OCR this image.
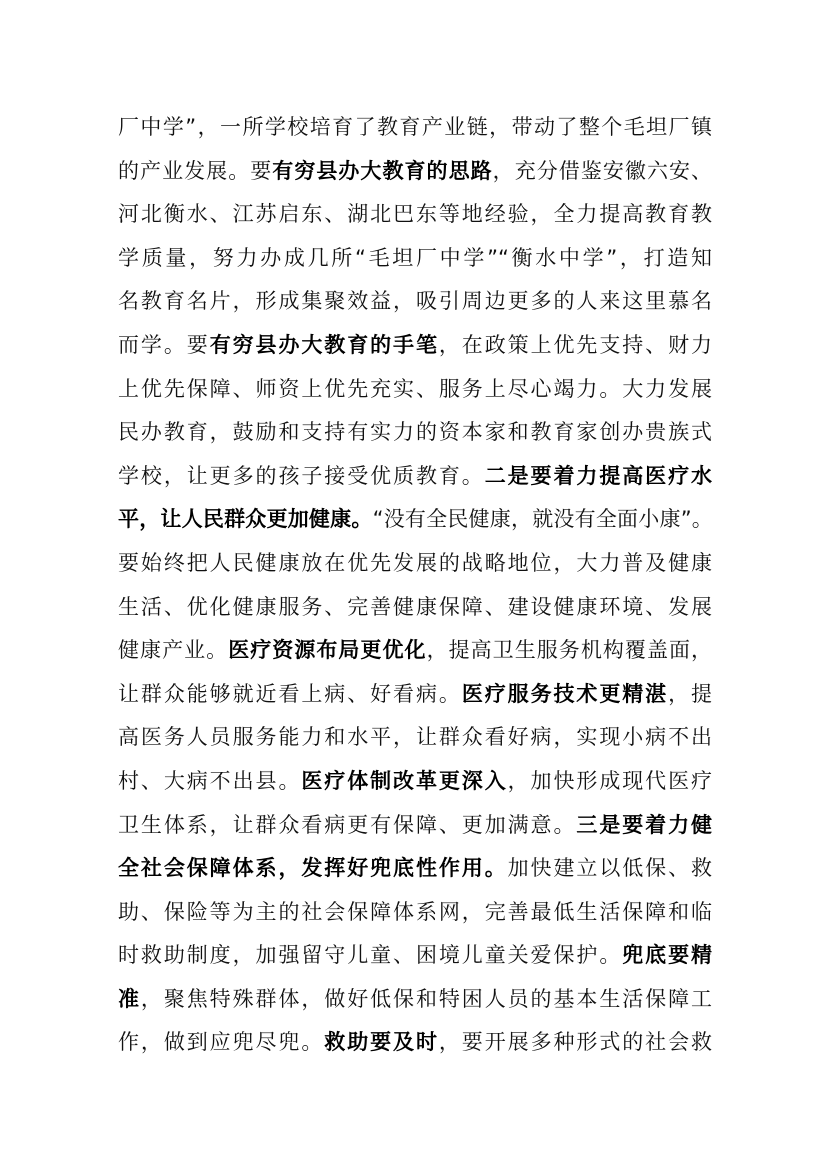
厂中学”，一所学校培育了教育产业链，带动了整个毛坦厂镇
的产业发展。要有穷县办大教育的思路，充分借鉴安徽六安、
河北衡水、江苏启东、湖北巴东等地经验，全力提高教育教
学质量，努力办成几所“毛坦厂中学”“衡水中学”，打造知
名教育名片，形成集聚效益，吸引周边更多的人来这里慕名
而学。要有穷县办大教育的手笔，在政策上优先支持、财力
上优先保障、师资上优先充实、服务上尽心竭力。大力发展
民办教育，鼓励和支持有实力的资本家和教育家创办贵族式
学校，让更多的孩子接受优质教育。二是要着力提高医疗水
平，让人民群众更加健康。“没有全民健康，就没有全面小康”。
要始终把人民健康放在优先发展的战略地位，大力普及健康
生活、优化健康服务、完善健康保障、建设健康环境、发展
健康产业。医疗资源布局更优化，提高卫生服务机构覆盖面，
让群众能够就近看上病、好看病。医疗服务技术更精湛，提
高医务人员服务能力和水平，让群众看好病，实现小病不出
村、大病不出县。医疗体制改革更深入，加快形成现代医疗
卫生体系，让群众看病更有保障、更加满意。三是要着力健
全社会保障体系，发挥好兜底性作用。加快建立以低保、救
助、保险等为主的社会保障体系网，完善最低生活保障和临
时救助制度，加强留守儿童、困境儿童关爱保护。兜底要精
准，聚焦特殊群体，做好低保和特困人员的基本生活保障工
作，做到应兜尽兜。救助要及时，要开展多种形式的社会救
